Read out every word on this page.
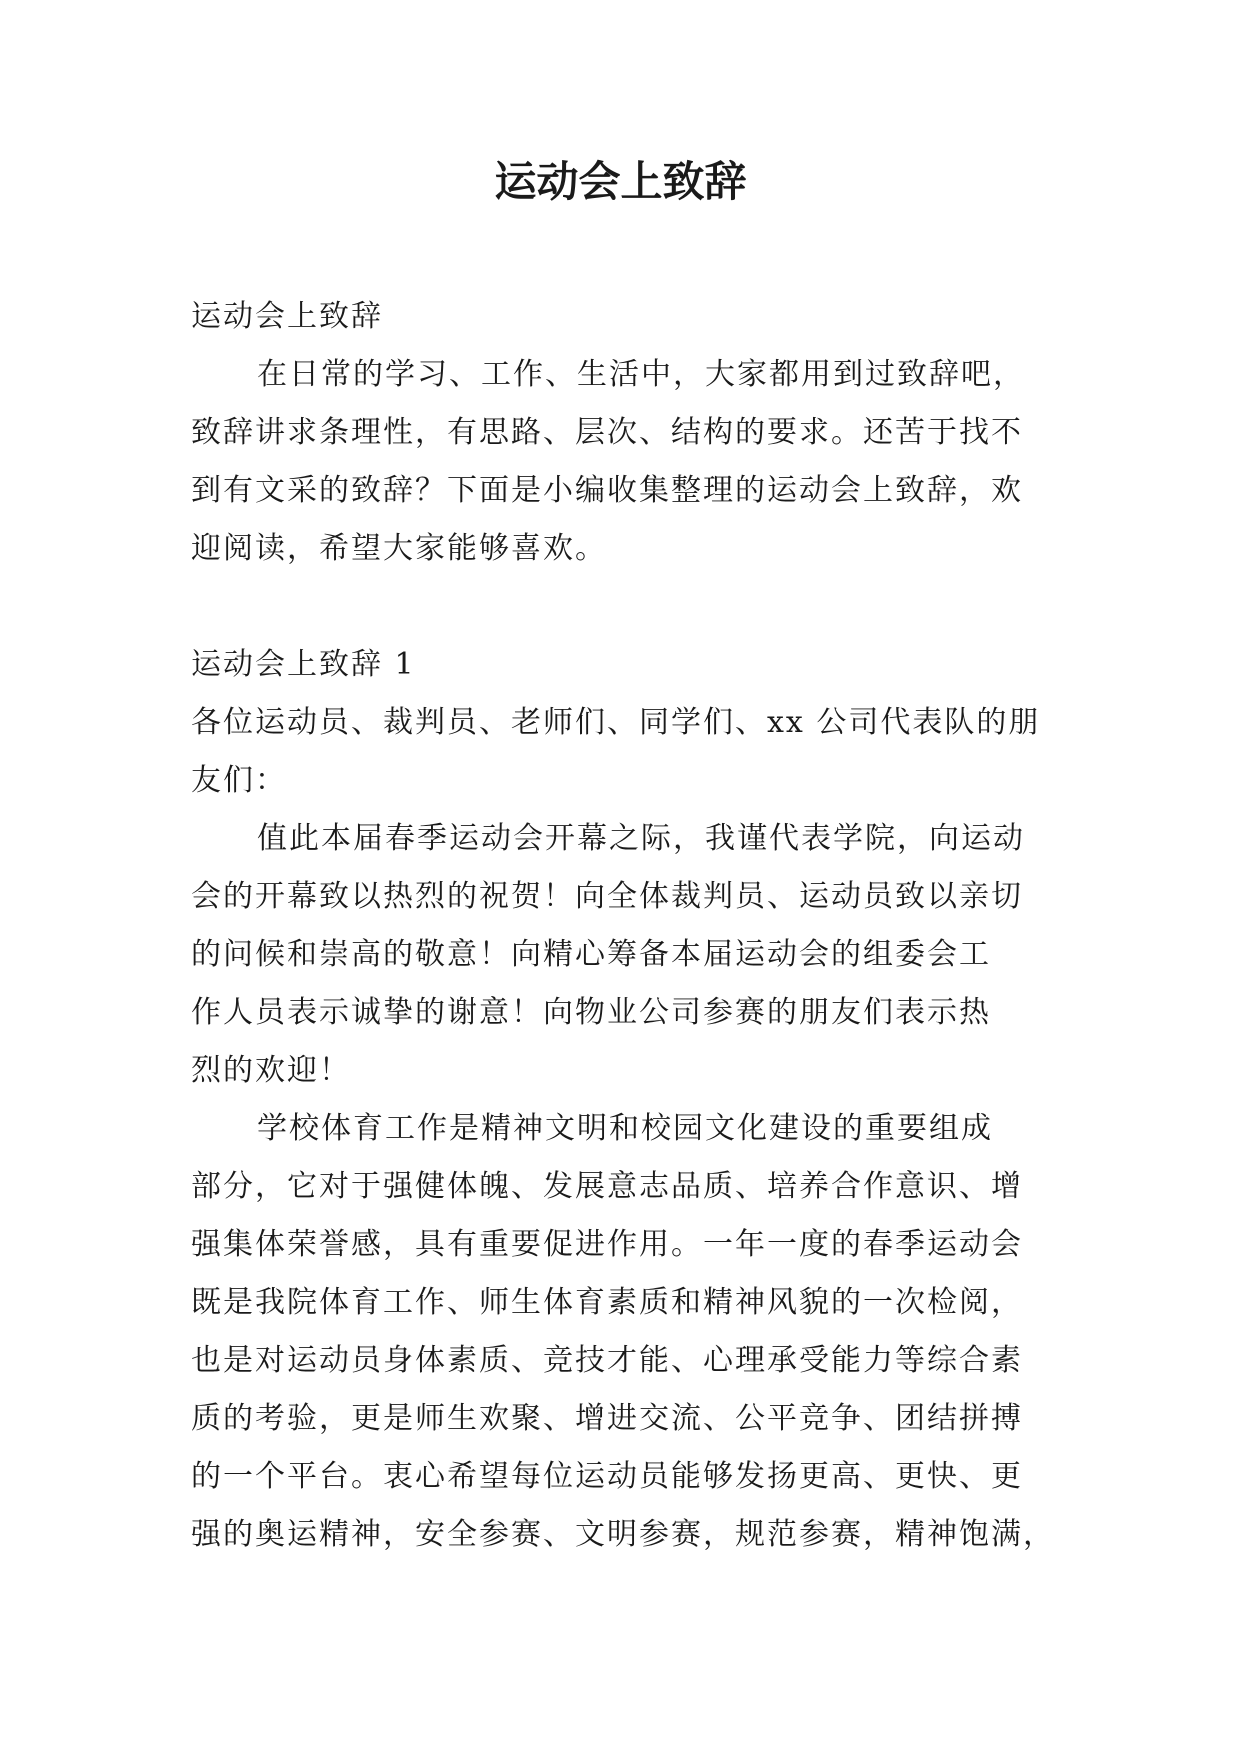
运动会上致辞

运动会上致辞

在日常的学习、工作、生活中，大家都用到过致辞吧，

致辞讲求条理性，有思路、层次、结构的要求。还苦于找不

到有文采的致辞？下面是小编收集整理的运动会上致辞，欢

迎阅读，希望大家能够喜欢。

运动会上致辞 1

各位运动员、裁判员、老师们、同学们、xx 公司代表队的朋

友们：

值此本届春季运动会开幕之际，我谨代表学院，向运动

会的开幕致以热烈的祝贺！向全体裁判员、运动员致以亲切

的问候和崇高的敬意！向精心筹备本届运动会的组委会工

作人员表示诚挚的谢意！向物业公司参赛的朋友们表示热

烈的欢迎！

学校体育工作是精神文明和校园文化建设的重要组成

部分，它对于强健体魄、发展意志品质、培养合作意识、增

强集体荣誉感，具有重要促进作用。一年一度的春季运动会

既是我院体育工作、师生体育素质和精神风貌的一次检阅，

也是对运动员身体素质、竞技才能、心理承受能力等综合素

质的考验，更是师生欢聚、增进交流、公平竞争、团结拼搏

的一个平台。衷心希望每位运动员能够发扬更高、更快、更

强的奥运精神，安全参赛、文明参赛，规范参赛，精神饱满，
